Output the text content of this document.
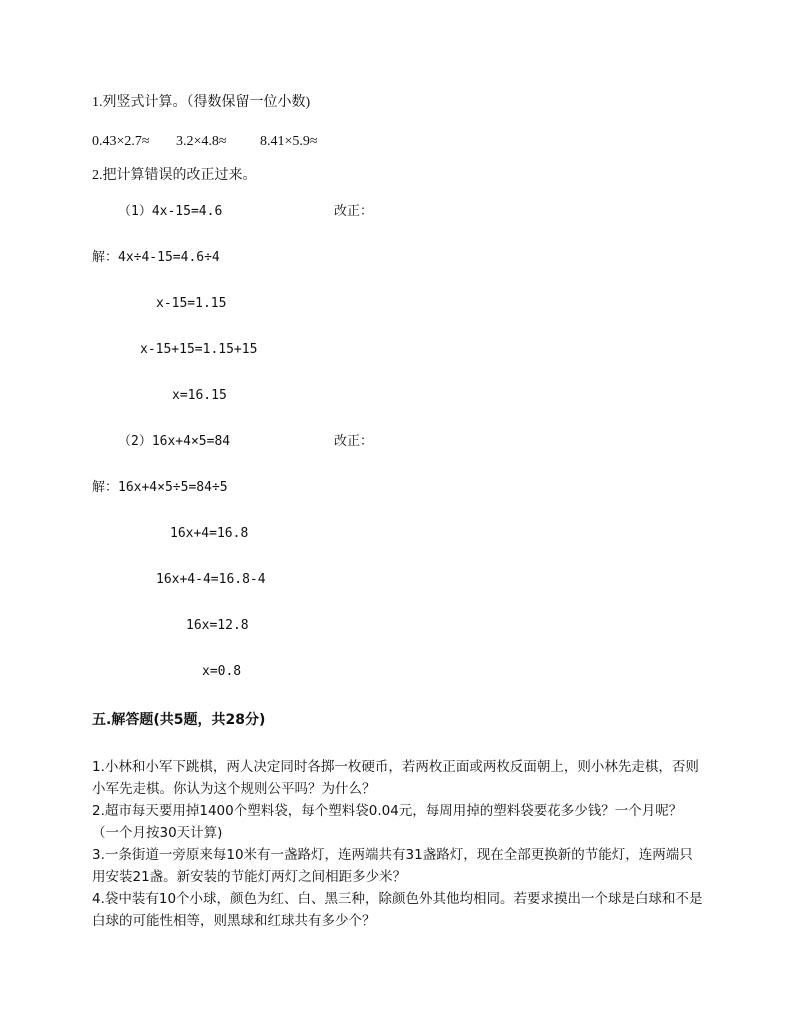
1.列竖式计算。（得数保留一位小数)
0.43×2.7≈ 3.2×4.8≈ 8.41×5.9≈
2.把计算错误的改正过来。
（1）4x-15=4.6	改正：
解：4x÷4-15=4.6÷4
x-15=1.15
x-15+15=1.15+15
x=16.15
（2）16x+4×5=84	改正：
解：16x+4×5÷5=84÷5
16x+4=16.8
16x+4-4=16.8-4
16x=12.8
x=0.8
五.解答题(共5题，共28分)
1.小林和小军下跳棋，两人决定同时各掷一枚硬币，若两枚正面或两枚反面朝上，则小林先走棋，否则小军先走棋。你认为这个规则公平吗？为什么？
2.超市每天要用掉1400个塑料袋，每个塑料袋0.04元，每周用掉的塑料袋要花多少钱？一个月呢？（一个月按30天计算)
3.一条街道一旁原来每10米有一盏路灯，连两端共有31盏路灯，现在全部更换新的节能灯，连两端只用安装21盏。新安装的节能灯两灯之间相距多少米？
4.袋中装有10个小球，颜色为红、白、黑三种，除颜色外其他均相同。若要求摸出一个球是白球和不是白球的可能性相等，则黑球和红球共有多少个？
